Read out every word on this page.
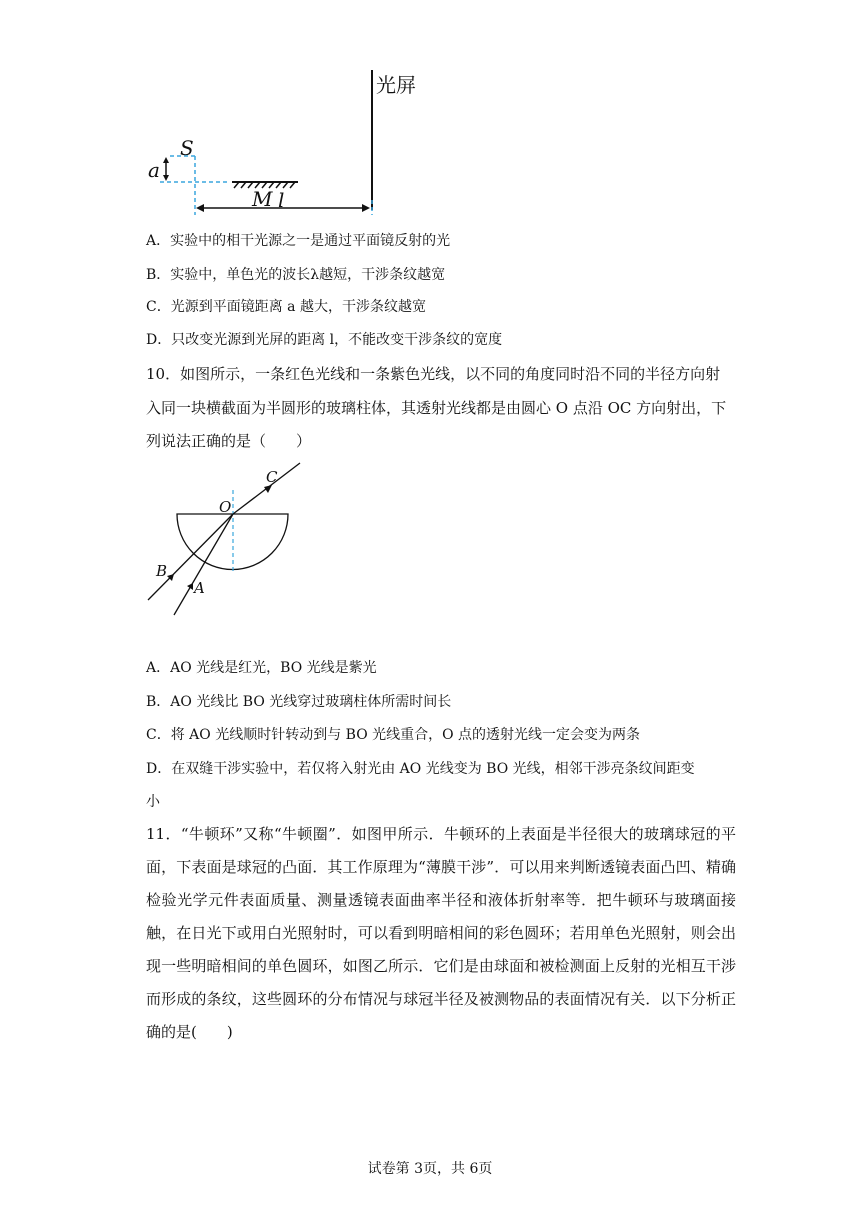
光屏
a
S
M l
A．实验中的相干光源之一是通过平面镜反射的光
B．实验中，单色光的波长λ越短，干涉条纹越宽
C．光源到平面镜距离 a 越大，干涉条纹越宽
D．只改变光源到光屏的距离 l，不能改变干涉条纹的宽度
10．如图所示，一条红色光线和一条紫色光线，以不同的角度同时沿不同的半径方向射
入同一块横截面为半圆形的玻璃柱体，其透射光线都是由圆心 O 点沿 OC 方向射出，下
列说法正确的是（　　）
O
C
B
A
A．AO 光线是红光，BO 光线是紫光
B．AO 光线比 BO 光线穿过玻璃柱体所需时间长
C．将 AO 光线顺时针转动到与 BO 光线重合，O 点的透射光线一定会变为两条
D．在双缝干涉实验中，若仅将入射光由 AO 光线变为 BO 光线，相邻干涉亮条纹间距变
小
11．“牛顿环”又称“牛顿圈”．如图甲所示．牛顿环的上表面是半径很大的玻璃球冠的平面，下表面是球冠的凸面．其工作原理为“薄膜干涉”．可以用来判断透镜表面凸凹、精确检验光学元件表面质量、测量透镜表面曲率半径和液体折射率等．把牛顿环与玻璃面接触，在日光下或用白光照射时，可以看到明暗相间的彩色圆环；若用单色光照射，则会出现一些明暗相间的单色圆环，如图乙所示．它们是由球面和被检测面上反射的光相互干涉而形成的条纹，这些圆环的分布情况与球冠半径及被测物品的表面情况有关．以下分析正确的是(　　)
试卷第 3页，共 6页
